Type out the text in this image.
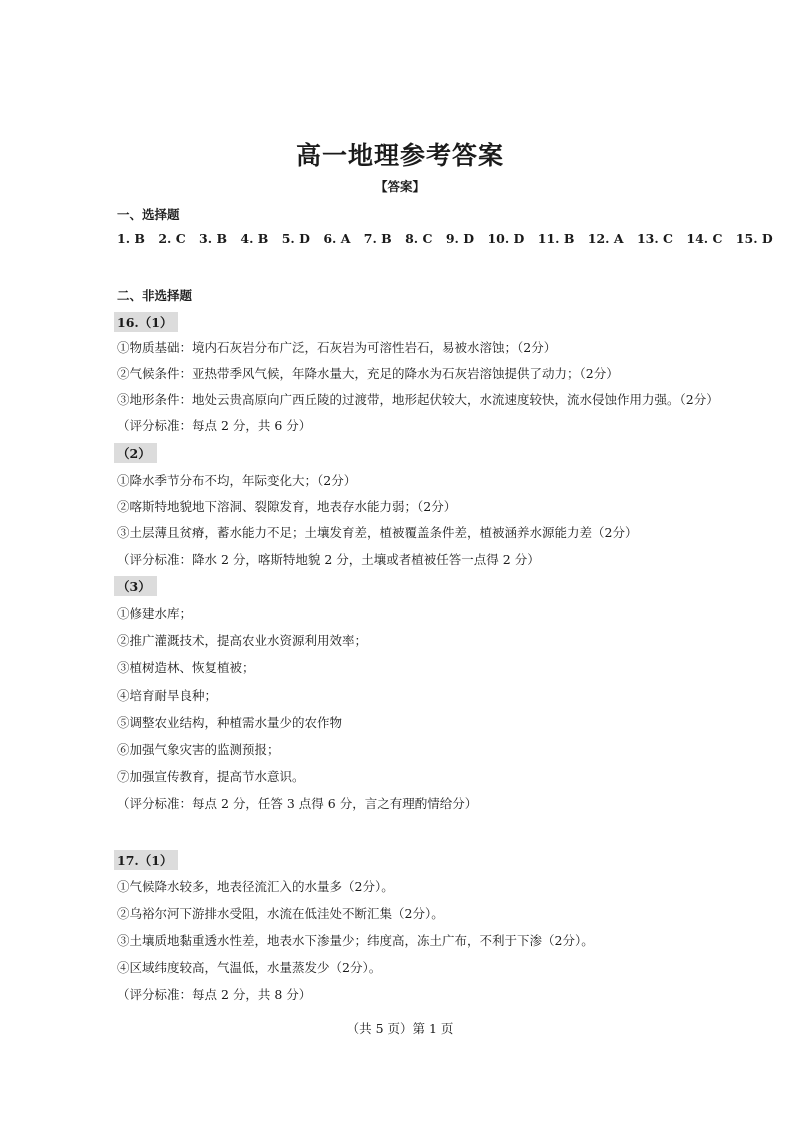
高一地理参考答案
【答案】
一、选择题
1. B 2. C 3. B 4. B 5. D 6. A 7. B 8. C 9. D 10. D 11. B 12. A 13. C 14. C 15. D
二、非选择题
16.（1）
①物质基础：境内石灰岩分布广泛，石灰岩为可溶性岩石，易被水溶蚀；（2分）
②气候条件：亚热带季风气候，年降水量大，充足的降水为石灰岩溶蚀提供了动力；（2分）
③地形条件：地处云贵高原向广西丘陵的过渡带，地形起伏较大，水流速度较快，流水侵蚀作用力强。（2分）
（评分标准：每点 2 分，共 6 分）
（2）
①降水季节分布不均，年际变化大；（2分）
②喀斯特地貌地下溶洞、裂隙发育，地表存水能力弱；（2分）
③土层薄且贫瘠，蓄水能力不足；土壤发育差，植被覆盖条件差，植被涵养水源能力差（2分）
（评分标准：降水 2 分，喀斯特地貌 2 分，土壤或者植被任答一点得 2 分）
（3）
①修建水库；
②推广灌溉技术，提高农业水资源利用效率；
③植树造林、恢复植被；
④培育耐旱良种；
⑤调整农业结构，种植需水量少的农作物
⑥加强气象灾害的监测预报；
⑦加强宣传教育，提高节水意识。
（评分标准：每点 2 分，任答 3 点得 6 分，言之有理酌情给分）
17.（1）
①气候降水较多，地表径流汇入的水量多（2分）。
②乌裕尔河下游排水受阻，水流在低洼处不断汇集（2分）。
③土壤质地黏重透水性差，地表水下渗量少；纬度高，冻土广布，不利于下渗（2分）。
④区域纬度较高，气温低，水量蒸发少（2分）。
（评分标准：每点 2 分，共 8 分）
（共 5 页）第 1 页
